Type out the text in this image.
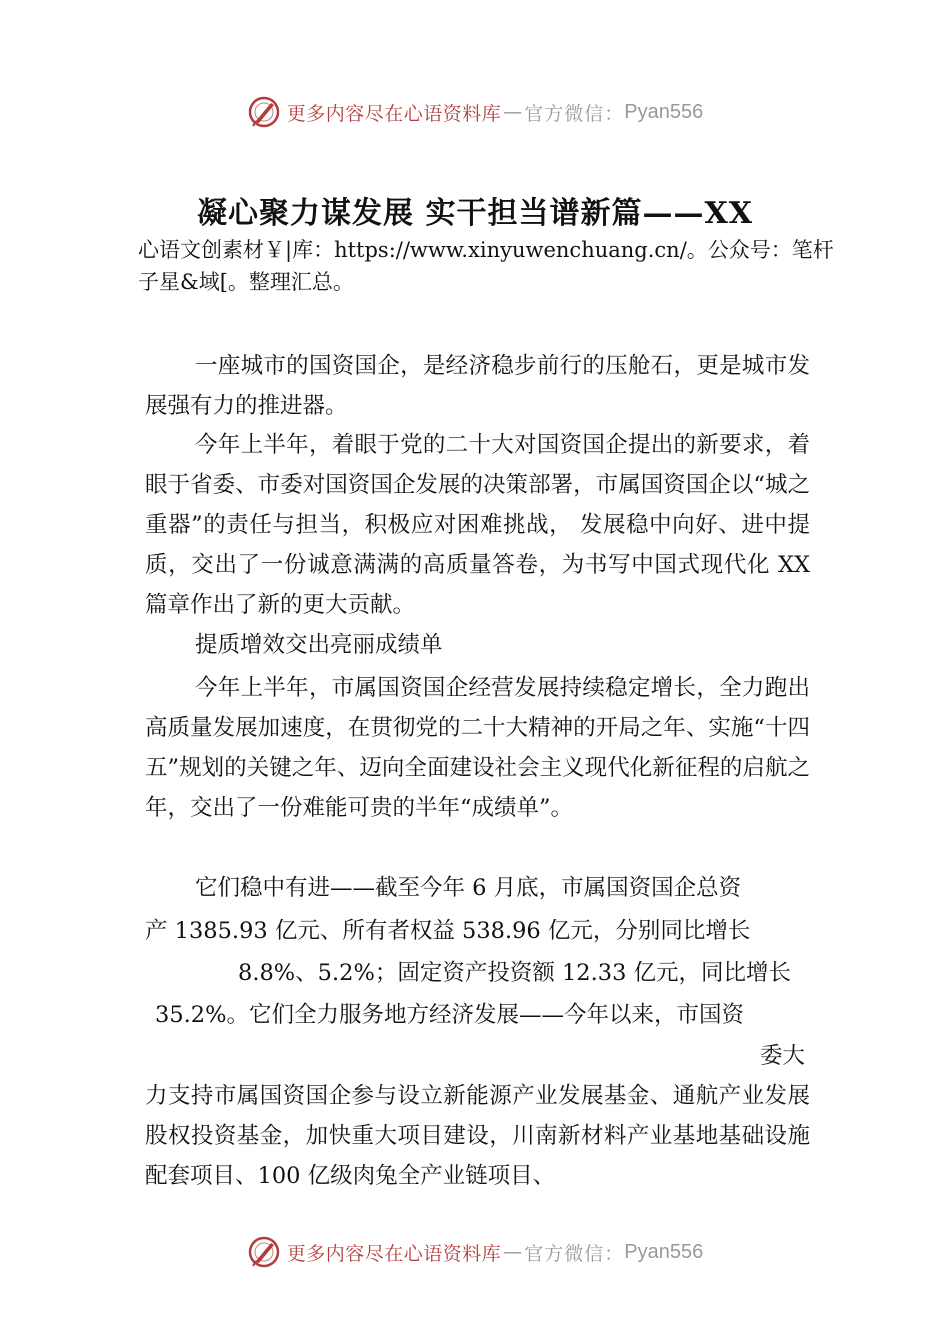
更多内容尽在心语资料库 — 官方微信： Pyan556
凝心聚力谋发展 实干担当谱新篇——XX

心语文创素材￥|库：https://www.xinyuwenchuang.cn/。公众号：笔杆子星&域[。整理汇总。

一座城市的国资国企，是经济稳步前行的压舱石，更是城市发展强有力的推进器。

今年上半年，着眼于党的二十大对国资国企提出的新要求，着眼于省委、市委对国资国企发展的决策部署，市属国资国企以“城之重器”的责任与担当，积极应对困难挑战， 发展稳中向好、进中提质，交出了一份诚意满满的高质量答卷，为书写中国式现代化 XX 篇章作出了新的更大贡献。

提质增效交出亮丽成绩单

今年上半年，市属国资国企经营发展持续稳定增长，全力跑出高质量发展加速度，在贯彻党的二十大精神的开局之年、实施“十四五”规划的关键之年、迈向全面建设社会主义现代化新征程的启航之年，交出了一份难能可贵的半年“成绩单”。

它们稳中有进——截至今年 6 月底，市属国资国企总资

产 1385.93 亿元、所有者权益 538.96 亿元，分别同比增长

8.8%、5.2%；固定资产投资额 12.33 亿元，同比增长

35.2%。它们全力服务地方经济发展——今年以来，市国资

委大

力支持市属国资国企参与设立新能源产业发展基金、通航产业发展股权投资基金，加快重大项目建设，川南新材料产业基地基础设施配套项目、100 亿级肉兔全产业链项目、

更多内容尽在心语资料库 — 官方微信： Pyan556
